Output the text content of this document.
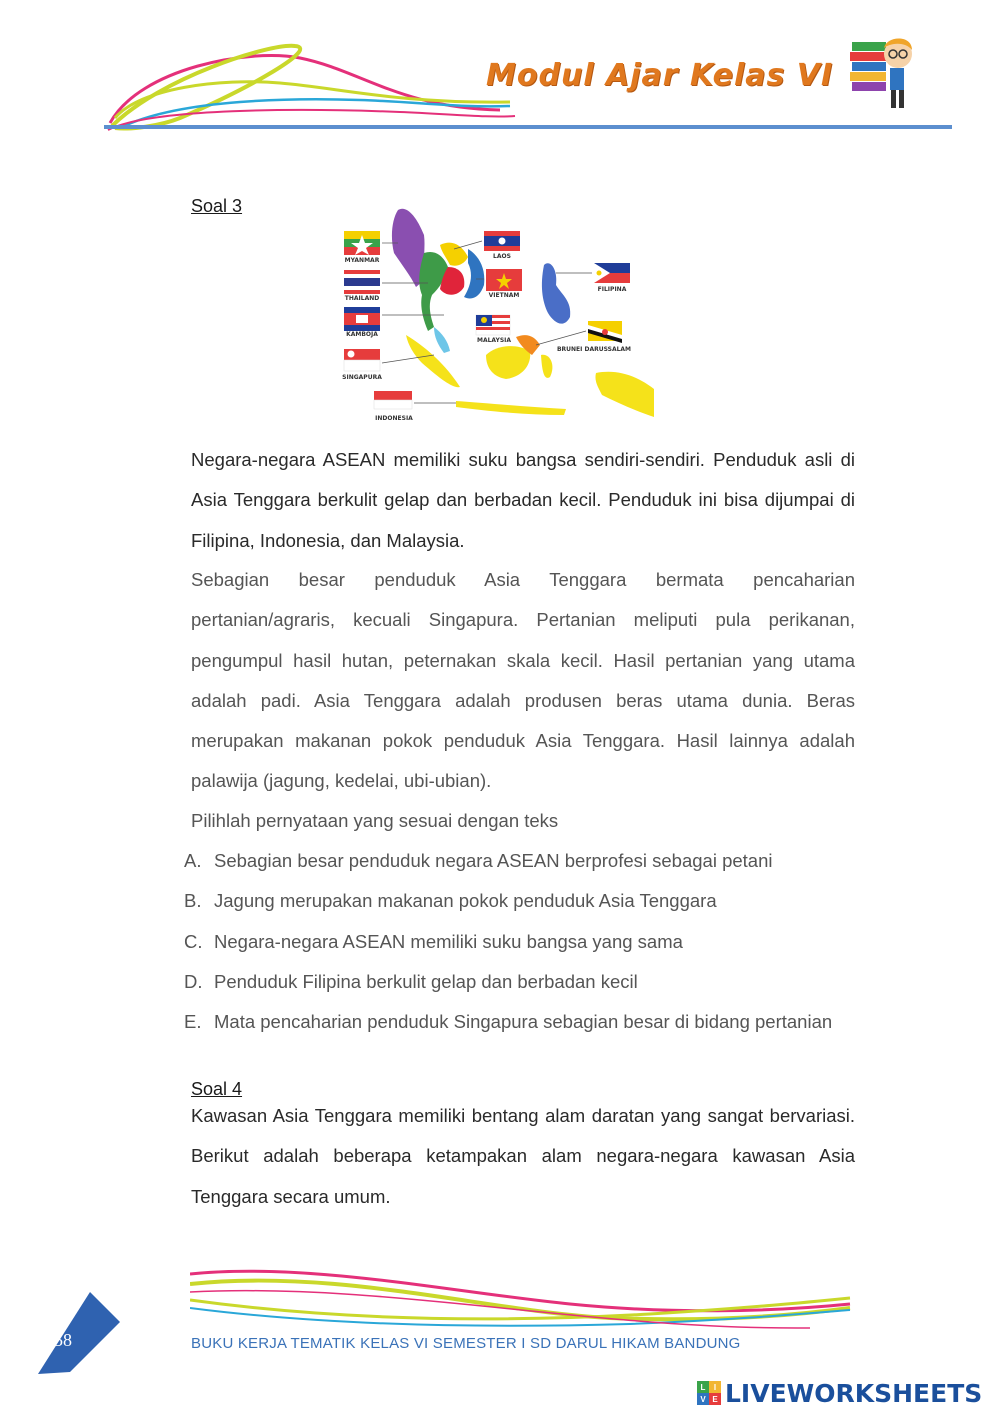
Modul Ajar Kelas VI
Soal 3
MYANMAR
THAILAND
KAMBOJA
SINGAPURA
INDONESIA
LAOS
VIETNAM
MALAYSIA
FILIPINA
BRUNEI DARUSSALAM

Negara-negara ASEAN memiliki suku bangsa sendiri-sendiri. Penduduk asli di Asia Tenggara berkulit gelap dan berbadan kecil. Penduduk ini bisa dijumpai di Filipina, Indonesia, dan Malaysia.

Sebagian besar penduduk Asia Tenggara bermata pencaharian pertanian/agraris, kecuali Singapura. Pertanian meliputi pula perikanan, pengumpul hasil hutan, peternakan skala kecil. Hasil pertanian yang utama adalah padi. Asia Tenggara adalah produsen beras utama dunia. Beras merupakan makanan pokok penduduk Asia Tenggara. Hasil lainnya adalah palawija (jagung, kedelai, ubi-ubian).

Pilihlah pernyataan yang sesuai dengan teks

A. Sebagian besar penduduk negara ASEAN berprofesi sebagai petani
B. Jagung merupakan makanan pokok penduduk Asia Tenggara
C. Negara-negara ASEAN memiliki suku bangsa yang sama
D. Penduduk Filipina berkulit gelap dan berbadan kecil
E. Mata pencaharian penduduk Singapura sebagian besar di bidang pertanian
Soal 4

Kawasan Asia Tenggara memiliki bentang alam daratan yang sangat bervariasi. Berikut adalah beberapa ketampakan alam negara-negara kawasan Asia Tenggara secara umum.

BUKU KERJA TEMATIK KELAS VI SEMESTER I SD DARUL HIKAM BANDUNG
58
L	I
V E LIVEWORKSHEETS
